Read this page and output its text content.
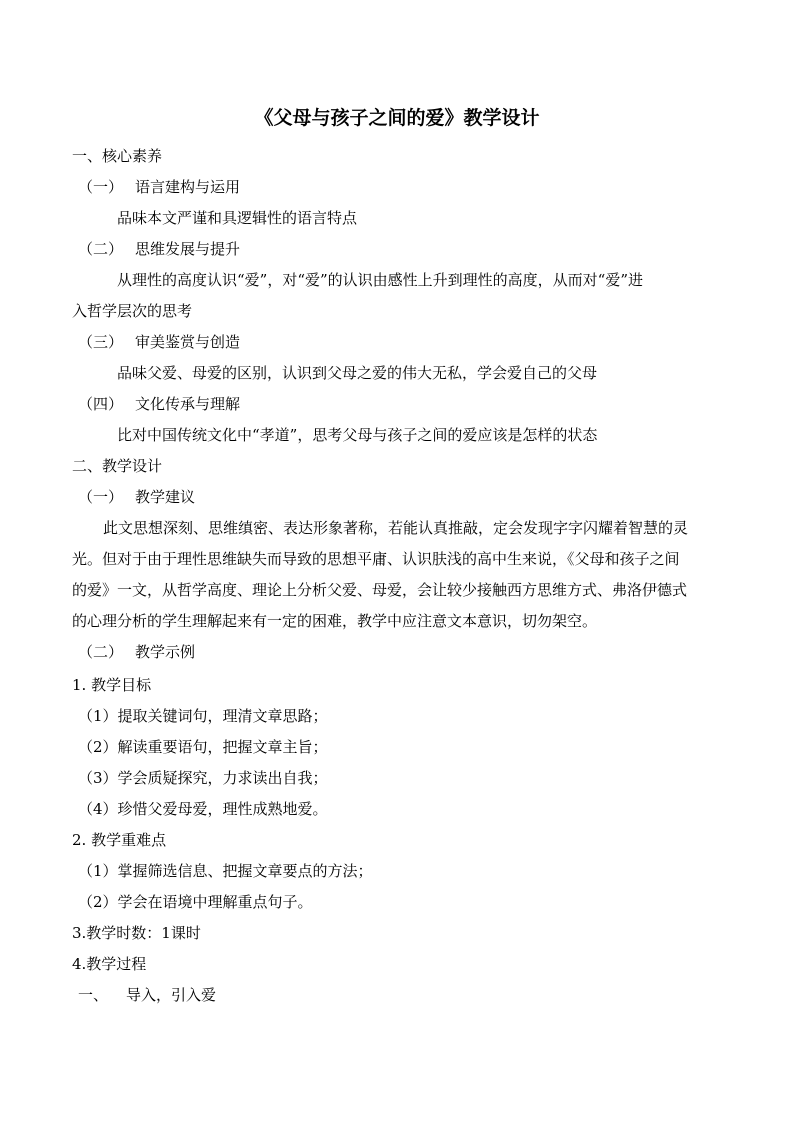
《父母与孩子之间的爱》教学设计
一、核心素养
（一） 语言建构与运用
品味本文严谨和具逻辑性的语言特点
（二） 思维发展与提升
从理性的高度认识“爱”，对“爱”的认识由感性上升到理性的高度，从而对“爱”进
入哲学层次的思考
（三） 审美鉴赏与创造
品味父爱、母爱的区别，认识到父母之爱的伟大无私，学会爱自己的父母
（四） 文化传承与理解
比对中国传统文化中“孝道”，思考父母与孩子之间的爱应该是怎样的状态
二、教学设计
（一） 教学建议
此文思想深刻、思维缜密、表达形象著称，若能认真推敲，定会发现字字闪耀着智慧的灵
光。但对于由于理性思维缺失而导致的思想平庸、认识肤浅的高中生来说，《父母和孩子之间
的爱》一文，从哲学高度、理论上分析父爱、母爱，会让较少接触西方思维方式、弗洛伊德式
的心理分析的学生理解起来有一定的困难，教学中应注意文本意识，切勿架空。
（二） 教学示例
1. 教学目标
（1）提取关键词句，理清文章思路；
（2）解读重要语句，把握文章主旨；
（3）学会质疑探究，力求读出自我；
（4）珍惜父爱母爱，理性成熟地爱。
2. 教学重难点
（1）掌握筛选信息、把握文章要点的方法；
（2）学会在语境中理解重点句子。
3.教学时数：1课时
4.教学过程
一、 导入，引入爱
